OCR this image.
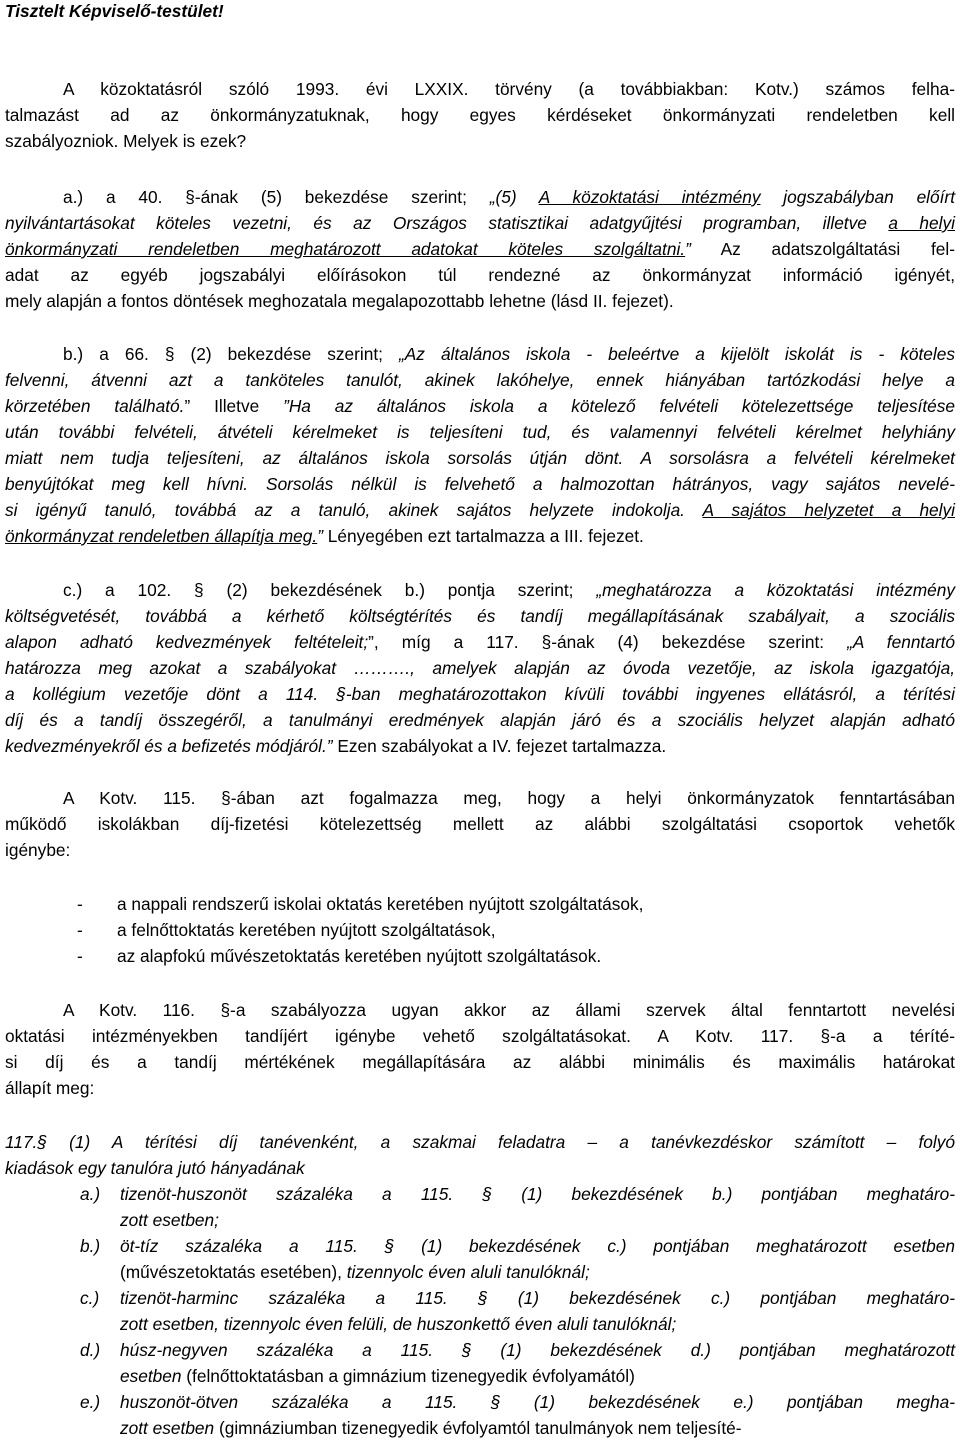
Tisztelt Képviselő-testület!
A közoktatásról szóló 1993. évi LXXIX. törvény (a továbbiakban: Kotv.) számos felha-
talmazást ad az önkormányzatuknak, hogy egyes kérdéseket önkormányzati rendeletben kell
szabályozniok. Melyek is ezek?
a.) a 40. §-ának (5) bekezdése szerint; „(5) A közoktatási intézmény jogszabályban előírt
nyilvántartásokat köteles vezetni, és az Országos statisztikai adatgyűjtési programban, illetve a helyi
önkormányzati rendeletben meghatározott adatokat köteles szolgáltatni.” Az adatszolgáltatási fel-
adat az egyéb jogszabályi előírásokon túl rendezné az önkormányzat információ igényét,
mely alapján a fontos döntések meghozatala megalapozottabb lehetne (lásd II. fejezet).
b.) a 66. § (2) bekezdése szerint; „Az általános iskola - beleértve a kijelölt iskolát is - köteles
felvenni, átvenni azt a tanköteles tanulót, akinek lakóhelye, ennek hiányában tartózkodási helye a
körzetében található.” Illetve ”Ha az általános iskola a kötelező felvételi kötelezettsége teljesítése
után további felvételi, átvételi kérelmeket is teljesíteni tud, és valamennyi felvételi kérelmet helyhiány
miatt nem tudja teljesíteni, az általános iskola sorsolás útján dönt. A sorsolásra a felvételi kérelmeket
benyújtókat meg kell hívni. Sorsolás nélkül is felvehető a halmozottan hátrányos, vagy sajátos nevelé-
si igényű tanuló, továbbá az a tanuló, akinek sajátos helyzete indokolja. A sajátos helyzetet a helyi
önkormányzat rendeletben állapítja meg.” Lényegében ezt tartalmazza a III. fejezet.
c.) a 102. § (2) bekezdésének b.) pontja szerint; „meghatározza a közoktatási intézmény
költségvetését, továbbá a kérhető költségtérítés és tandíj megállapításának szabályait, a szociális
alapon adható kedvezmények feltételeit;”, míg a 117. §-ának (4) bekezdése szerint: „A fenntartó
határozza meg azokat a szabályokat ………., amelyek alapján az óvoda vezetője, az iskola igazgatója,
a kollégium vezetője dönt a 114. §-ban meghatározottakon kívüli további ingyenes ellátásról, a térítési
díj és a tandíj összegéről, a tanulmányi eredmények alapján járó és a szociális helyzet alapján adható
kedvezményekről és a befizetés módjáról.” Ezen szabályokat a IV. fejezet tartalmazza.
A Kotv. 115. §-ában azt fogalmazza meg, hogy a helyi önkormányzatok fenntartásában
működő iskolákban díj-fizetési kötelezettség mellett az alábbi szolgáltatási csoportok vehetők
igénybe:
- a nappali rendszerű iskolai oktatás keretében nyújtott szolgáltatások,
- a felnőttoktatás keretében nyújtott szolgáltatások,
- az alapfokú művészetoktatás keretében nyújtott szolgáltatások.
A Kotv. 116. §-a szabályozza ugyan akkor az állami szervek által fenntartott nevelési
oktatási intézményekben tandíjért igénybe vehető szolgáltatásokat. A Kotv. 117. §-a a téríté-
si díj és a tandíj mértékének megállapítására az alábbi minimális és maximális határokat
állapít meg:
117.§ (1) A térítési díj tanévenként, a szakmai feladatra – a tanévkezdéskor számított – folyó
kiadások egy tanulóra jutó hányadának
a.) tizenöt-huszonöt százaléka a 115. § (1) bekezdésének b.) pontjában meghatáro-
zott esetben;
b.) öt-tíz százaléka a 115. § (1) bekezdésének c.) pontjában meghatározott esetben
(művészetoktatás esetében), tizennyolc éven aluli tanulóknál;
c.) tizenöt-harminc százaléka a 115. § (1) bekezdésének c.) pontjában meghatáro-
zott esetben, tizennyolc éven felüli, de huszonkettő éven aluli tanulóknál;
d.) húsz-negyven százaléka a 115. § (1) bekezdésének d.) pontjában meghatározott
esetben (felnőttoktatásban a gimnázium tizenegyedik évfolyamától)
e.) huszonöt-ötven százaléka a 115. § (1) bekezdésének e.) pontjában megha-
zott esetben (gimnáziumban tizenegyedik évfolyamtól tanulmányok nem teljesíté-
